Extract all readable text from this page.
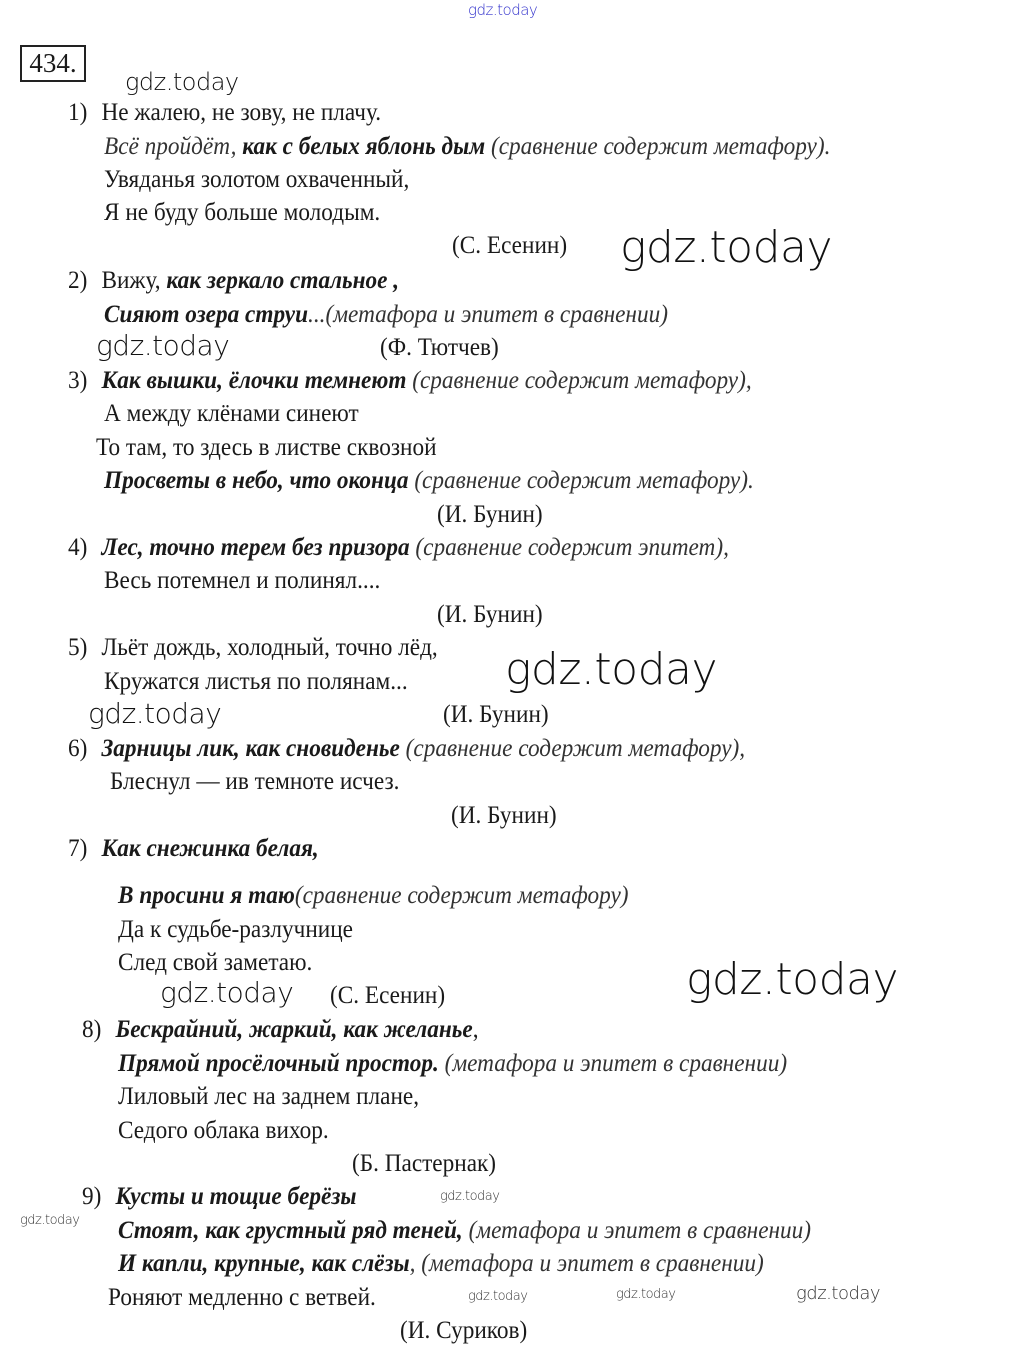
434.
1) Не жалею, не зову, не плачу.
Всё пройдёт, как с белых яблонь дым (сравнение содержит метафору).
Увяданья золотом охваченный,
Я не буду больше молодым.
(С. Есенин)
2) Вижу, как зеркало стальное ,
Сияют озера струи...(метафора и эпитет в сравнении)
(Ф. Тютчев)
3) Как вышки, ёлочки темнеют (сравнение содержит метафору),
А между клёнами синеют
То там, то здесь в листве сквозной
Просветы в небо, что оконца (сравнение содержит метафору).
(И. Бунин)
4) Лес, точно терем без призора (сравнение содержит эпитет),
Весь потемнел и полинял....
(И. Бунин)
5) Льёт дождь, холодный, точно лёд,
Кружатся листья по полянам...
(И. Бунин)
6) Зарницы лик, как сновиденье (сравнение содержит метафору),
Блеснул — ив темноте исчез.
(И. Бунин)
7) Как снежинка белая,
В просини я таю(сравнение содержит метафору)
Да к судьбе-разлучнице
След свой заметаю.
(С. Есенин)
8) Бескрайний, жаркий, как желанье,
Прямой просёлочный простор. (метафора и эпитет в сравнении)
Лиловый лес на заднем плане,
Седого облака вихор.
(Б. Пастернак)
9) Кусты и тощие берёзы
Стоят, как грустный ряд теней, (метафора и эпитет в сравнении)
И капли, крупные, как слёзы, (метафора и эпитет в сравнении)
Роняют медленно с ветвей.
(И. Суриков)
gdz.today
gdz.today
gdz.today
gdz.today
gdz.today
gdz.today
gdz.today	gdz.today
gdz.today
gdz.today
gdz.today	gdz.today	gdz.today
